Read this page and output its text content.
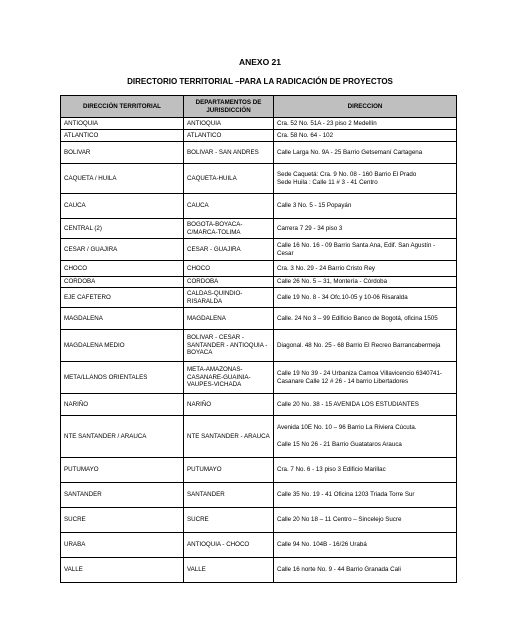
ANEXO 21
DIRECTORIO TERRITORIAL –PARA LA RADICACIÓN DE PROYECTOS
DIRECCIÓN TERRITORIAL	DEPARTAMENTOS DE JURISDICCIÓN	DIRECCION
ANTIOQUIA	ANTIOQUIA	Cra. 52 No. 51A - 23 piso 2 Medellín
ATLANTICO	ATLANTICO	Cra. 58 No. 64 - 102
BOLIVAR	BOLIVAR - SAN ANDRES	Calle Larga No. 9A - 25 Barrio Getsemaní Cartagena
CAQUETA / HUILA	CAQUETA-HUILA	Sede Caquetá: Cra. 9 No. 08 - 160 Barrio El Prado
Sede Huila : Calle 11 # 3 - 41 Centro

CAUCA	CAUCA	Calle 3 No. 5 - 15 Popayán
CENTRAL (2)	BOGOTA-BOYACA-C/MARCA-TOLIMA	Carrera 7 29 - 34 piso 3
CESAR / GUAJIRA	CESAR - GUAJIRA	Calle 16 No. 16 - 09 Barrio Santa Ana, Edif. San Agustín - Cesar
CHOCO	CHOCO	Cra. 3 No. 29 - 24 Barrio Cristo Rey
CORDOBA	CORDOBA	Calle 26 No. 5 – 31, Montería - Córdoba
EJE CAFETERO	CALDAS-QUINDIO-RISARALDA	Calle 19 No. 8 - 34 Ofc.10-05 y 10-06 Risaralda
MAGDALENA	MAGDALENA	Calle. 24 No 3 – 99 Edificio Banco de Bogotá, oficina 1505
MAGDALENA MEDIO	BOLIVAR - CESAR - SANTANDER - ANTIOQUIA - BOYACA	Diagonal. 48 No. 25 - 68 Barrio El Recreo Barrancabermeja
META/LLANOS ORIENTALES	META-AMAZONAS-CASANARE-GUAINIA-VAUPES-VICHADA	Calle 19 No 39 - 24 Urbaniza Camoa Villavicencio 6340741- Casanare Calle 12 # 26 - 14 barrio Libertadores
NARIÑO	NARIÑO	Calle 20 No. 38 - 15 AVENIDA LOS ESTUDIANTES
NTE SANTANDER / ARAUCA	NTE SANTANDER - ARAUCA	Avenida 10E No. 10 – 96 Barrio La Riviera Cúcuta.
Calle 15 No 26 - 21 Barrio Guatataros Arauca

PUTUMAYO	PUTUMAYO	Cra. 7 No. 6 - 13 piso 3 Edificio Marillac
SANTANDER	SANTANDER	Calle 35 No. 19 - 41 Oficina 1203 Triada Torre Sur
SUCRE	SUCRE	Calle 20 No 18 – 11 Centro – Sincelejo Sucre
URABA	ANTIOQUIA - CHOCO	Calle 94 No. 104B - 16/26 Urabá
VALLE	VALLE	Calle 16 norte No. 9 - 44 Barrio Granada Cali
